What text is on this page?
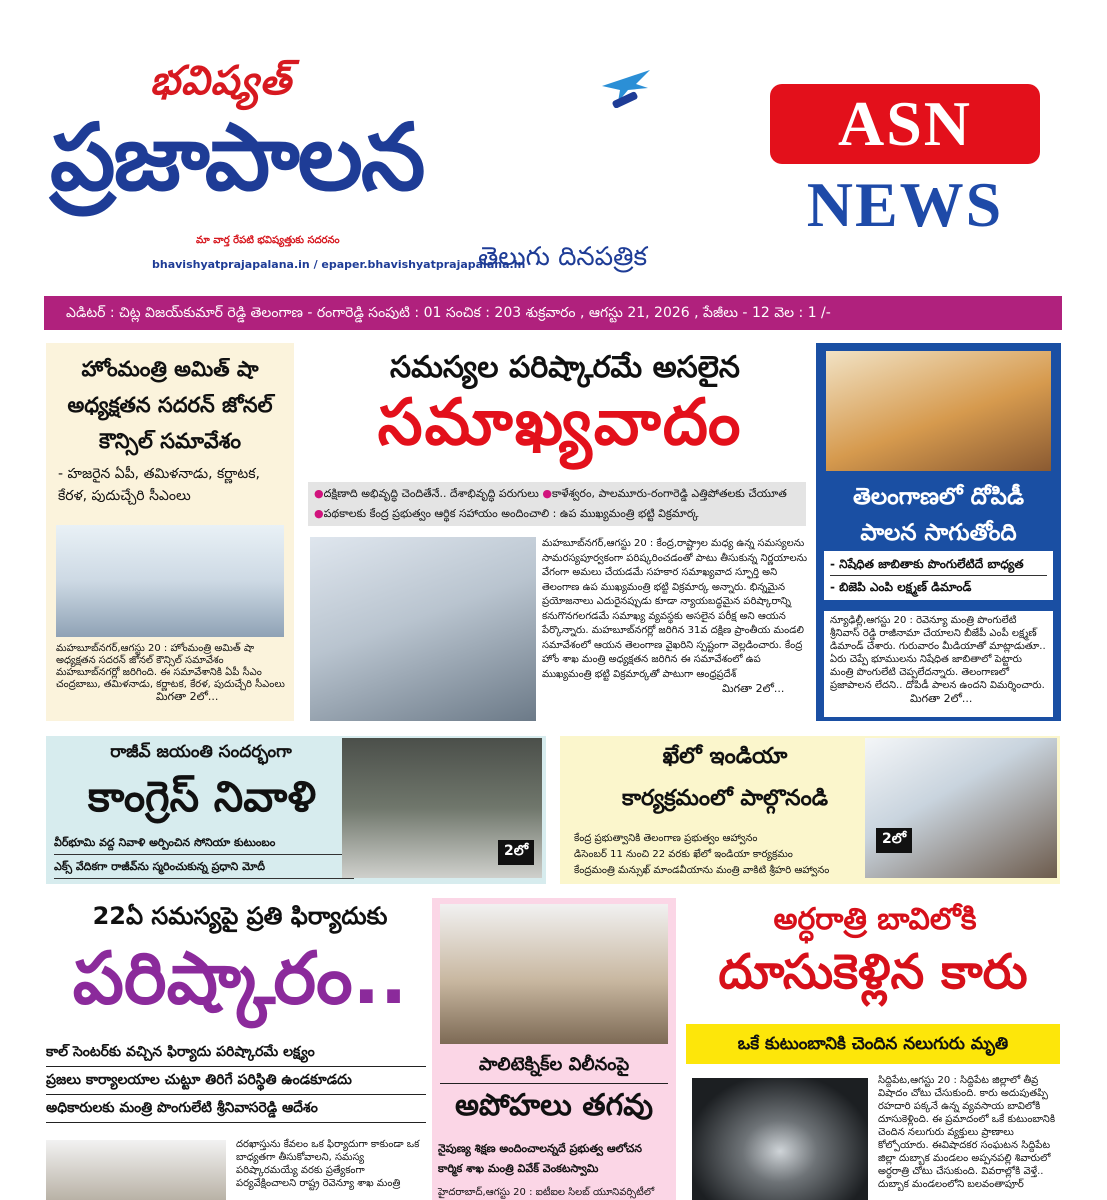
భవిష్యత్
ప్రజాపాలన
మా వార్త రేపటి భవిష్యత్తుకు సదరనం
bhavishyatprajapalana.in / epaper.bhavishyatprajapalana.in
తెలుగు దినపత్రిక
ASN
NEWS
ఎడిటర్ : చిట్ల విజయ్‌కుమార్ రెడ్డి తెలంగాణ - రంగారెడ్డి సంపుటి : 01 సంచిక : 203 శుక్రవారం , ఆగస్టు 21, 2026 , పేజీలు - 12 వెల : 1 /-
హోంమంత్రి అమిత్ షా అధ్యక్షతన సదరన్ జోనల్ కౌన్సిల్ సమావేశం
- హజరైన ఏపీ, తమిళనాడు, కర్ణాటక, కేరళ, పుదుచ్చేరి సీఎంలు
మహబూబ్‌నగర్,ఆగస్టు 20 : హోంమంత్రి అమిత్ షా అధ్యక్షతన సదరన్ జోనల్ కౌన్సిల్ సమావేశం మహబూబ్‌నగర్లో జరిగింది. ఈ సమావేశానికి ఏపీ సీఎం చంద్రబాబు, తమిళనాడు, కర్ణాటక, కేరళ, పుదుచ్చేరి సీఎంలు
మిగతా 2లో...
సమస్యల పరిష్కారమే అసలైన
సమాఖ్యవాదం
●దక్షిణాది అభివృద్ధి చెందితేనే.. దేశాభివృద్ధి పరుగులు ●కాళేశ్వరం, పాలమూరు-రంగారెడ్డి ఎత్తిపోతలకు చేయూత ●పథకాలకు కేంద్ర ప్రభుత్వం ఆర్థిక సహాయం అందించాలి : ఉప ముఖ్యమంత్రి భట్టి విక్రమార్క
మహబూబ్‌నగర్,ఆగస్టు 20 : కేంద్ర,రాష్ట్రాల మధ్య ఉన్న సమస్యలను సామరస్యపూర్వకంగా పరిష్కరించడంతో పాటు తీసుకున్న నిర్ణయాలను వేగంగా అమలు చేయడమే సహకార సమాఖ్యవాద స్ఫూర్తి అని తెలంగాణ ఉప ముఖ్యమంత్రి భట్టి విక్రమార్క అన్నారు. భిన్నమైన ప్రయోజనాలు ఎదురైనప్పుడు కూడా న్యాయబద్ధమైన పరిష్కారాన్ని కనుగొనగలగడమే సమాఖ్య వ్యవస్థకు అసలైన పరీక్ష అని ఆయన పేర్కొన్నారు. మహబూబ్‌నగర్లో జరిగిన 31వ దక్షిణ ప్రాంతీయ మండలి సమావేశంలో ఆయన తెలంగాణ వైఖరిని స్పష్టంగా వెల్లడించారు. కేంద్ర హోం శాఖ మంత్రి అధ్యక్షతన జరిగిన ఈ సమావేశంలో ఉప ముఖ్యమంత్రి భట్టి విక్రమార్కతో పాటుగా ఆంధ్రప్రదేశ్
మిగతా 2లో...
తెలంగాణలో దోపిడీ పాలన సాగుతోంది
- నిషేధిత జాబితాకు పొంగులేటిదే బాధ్యత
- బిజెపి ఎంపి లక్ష్మణ్ డిమాండ్
న్యూఢిల్లీ,ఆగస్టు 20 : రెవెన్యూ మంత్రి పొంగులేటి శ్రీనివాస్ రెడ్డి రాజీనామా చేయాలని బీజేపీ ఎంపీ లక్ష్మణ్ డిమాండ్ చేశారు. గురువారం మీడియాతో మాట్లాడుతూ.. ఏరు చెప్పే భూములను నిషేధిత జాబితాలో పెట్టారు మంత్రి పొంగులేటి చెప్పలేదన్నారు. తెలంగాణలో ప్రజాపాలన లేదని.. దోపిడీ పాలన ఉందని విమర్శించారు.
మిగతా 2లో...
రాజీవ్ జయంతి సందర్భంగా
కాంగ్రెస్ నివాళి
వీర్‌భూమి వద్ద నివాళి అర్పించిన సోనియా కుటుంబం
ఎక్స్ వేదికగా రాజీవ్‌ను స్మరించుకున్న ప్రధాని మోదీ
2లో
ఖేలో ఇండియా
కార్యక్రమంలో పాల్గొనండి
కేంద్ర ప్రభుత్వానికి తెలంగాణ ప్రభుత్వం ఆహ్వానం
డిసెంబర్ 11 నుంచి 22 వరకు ఖేలో ఇండియా కార్యక్రమం
కేంద్రమంత్రి మన్సుఖ్ మాండవీయాను మంత్రి వాకిటి శ్రీహరి ఆహ్వానం
2లో
22ఏ సమస్యపై ప్రతి ఫిర్యాదుకు
పరిష్కారం..
కాల్ సెంటర్‌కు వచ్చిన ఫిర్యాదు పరిష్కారమే లక్ష్యం
ప్రజలు కార్యాలయాల చుట్టూ తిరిగే పరిస్థితి ఉండకూడదు
అధికారులకు మంత్రి పొంగులేటి శ్రీనివాసరెడ్డి ఆదేశం
దరఖాస్తును కేవలం ఒక ఫిర్యాదుగా కాకుండా ఒక బాధ్యతగా తీసుకోవాలని, సమస్య పరిష్కారమయ్యే వరకు ప్రత్యేకంగా పర్యవేక్షించాలని రాష్ట్ర రెవెన్యూ శాఖ మంత్రి
పాలిటెక్నిక్‌ల విలీనంపై
అపోహలు తగవు
నైపుణ్య శిక్షణ అందించాలన్నదే ప్రభుత్వ ఆలోచన
కార్మిక శాఖ మంత్రి వివేక్ వెంకటస్వామి
హైదరాబాద్,ఆగస్టు 20 : ఐటీఐల సిలబ్ యూనివర్సిటీలో
అర్ధరాత్రి బావిలోకి
దూసుకెళ్లిన కారు
ఒకే కుటుంబానికి చెందిన నలుగురు మృతి
సిద్దిపేట,ఆగస్టు 20 : సిద్దిపేట జిల్లాలో తీవ్ర విషాదం చోటు చేసుకుంది. కారు అదుపుతప్పి రహదారి పక్కనే ఉన్న వ్యవసాయ బావిలోకి దూసుకెళ్లింది. ఈ ప్రమాదంలో ఒకే కుటుంబానికి చెందిన నలుగురు వ్యక్తులు ప్రాణాలు కోల్పోయారు. ఈవిషాదకర సంఘటన సిద్దిపేట జిల్లా దుబ్బాక మండలం అప్పనపల్లి శివారులో అర్ధరాత్రి చోటు చేసుకుంది. వివరాల్లోకి వెళ్తే.. దుబ్బాక మండలంలోని బలవంతాపూర్
